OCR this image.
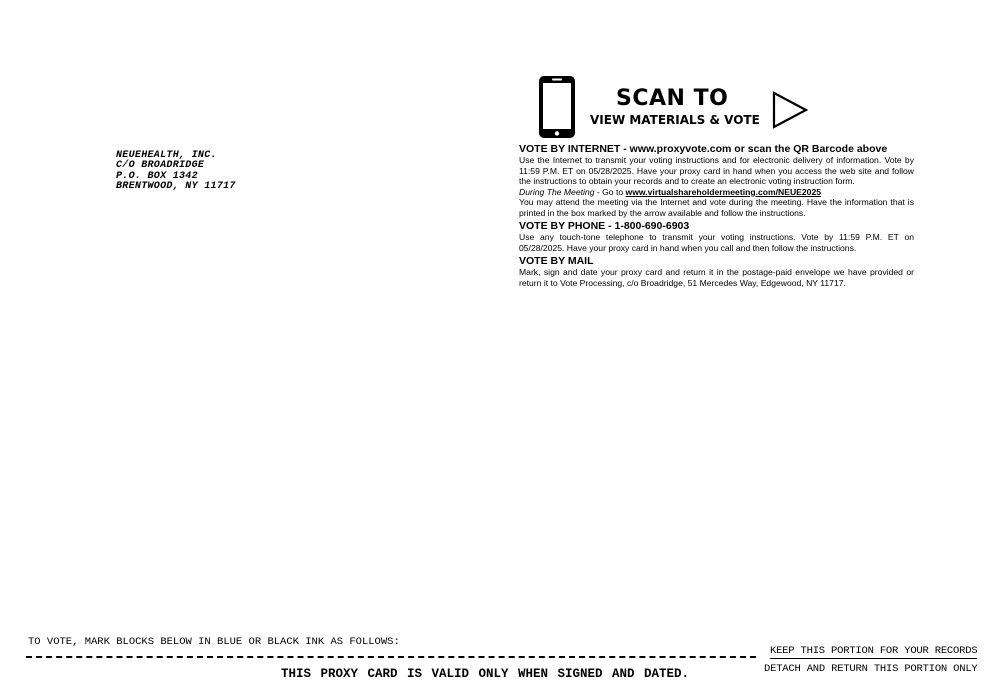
NEUEHEALTH, INC.
C/O BROADRIDGE
P.O. BOX 1342
BRENTWOOD, NY 11717
SCAN TO
VIEW MATERIALS & VOTE
VOTE BY INTERNET - www.proxyvote.com or scan the QR Barcode above

Use the Internet to transmit your voting instructions and for electronic delivery of information. Vote by 11:59 P.M. ET on 05/28/2025. Have your proxy card in hand when you access the web site and follow the instructions to obtain your records and to create an electronic voting instruction form.

During The Meeting - Go to www.virtualshareholdermeeting.com/NEUE2025

You may attend the meeting via the Internet and vote during the meeting. Have the information that is printed in the box marked by the arrow available and follow the instructions.

VOTE BY PHONE - 1-800-690-6903

Use any touch-tone telephone to transmit your voting instructions. Vote by 11:59 P.M. ET on 05/28/2025. Have your proxy card in hand when you call and then follow the instructions.

VOTE BY MAIL

Mark, sign and date your proxy card and return it in the postage-paid envelope we have provided or return it to Vote Processing, c/o Broadridge, 51 Mercedes Way, Edgewood, NY 11717.

TO VOTE, MARK BLOCKS BELOW IN BLUE OR BLACK INK AS FOLLOWS:
KEEP THIS PORTION FOR YOUR RECORDS
DETACH AND RETURN THIS PORTION ONLY
THIS PROXY CARD IS VALID ONLY WHEN SIGNED AND DATED.
